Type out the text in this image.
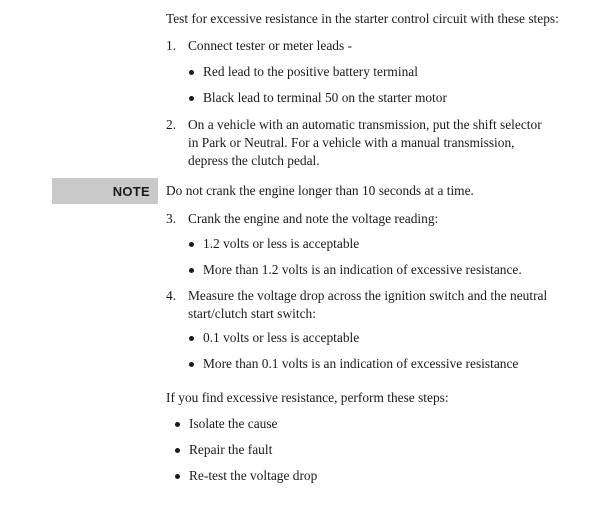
Test for excessive resistance in the starter control circuit with these steps:
1. Connect tester or meter leads -
Red lead to the positive battery terminal
Black lead to terminal 50 on the starter motor
2. On a vehicle with an automatic transmission, put the shift selector
in Park or Neutral. For a vehicle with a manual transmission,
depress the clutch pedal.
NOTE Do not crank the engine longer than 10 seconds at a time.
3. Crank the engine and note the voltage reading:
1.2 volts or less is acceptable
More than 1.2 volts is an indication of excessive resistance.
4. Measure the voltage drop across the ignition switch and the neutral
start/clutch start switch:
0.1 volts or less is acceptable
More than 0.1 volts is an indication of excessive resistance
If you find excessive resistance, perform these steps:
Isolate the cause
Repair the fault
Re-test the voltage drop
